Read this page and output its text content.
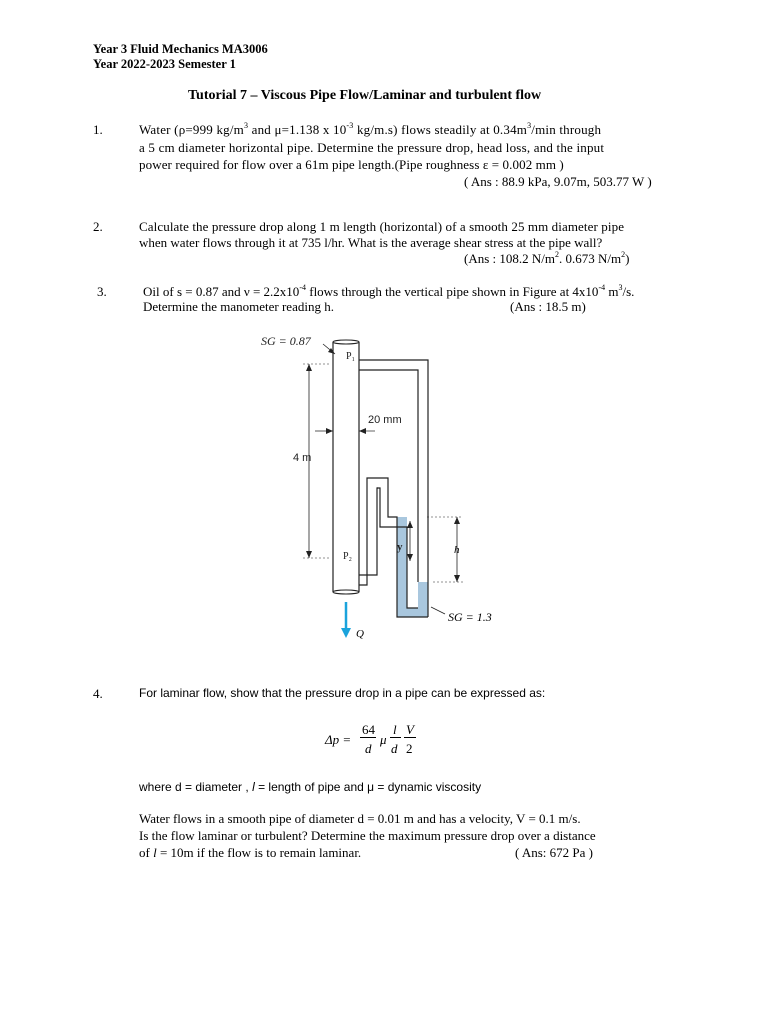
Year 3 Fluid Mechanics MA3006
Year 2022-2023 Semester 1
Tutorial 7 – Viscous Pipe Flow/Laminar and turbulent flow
1.	Water (ρ=999 $kg/m^3$ and μ=1.138 x $10^{-3}$ kg/m.s) flows steadily at $0.34m^3/\min$ through
a 5 cm diameter horizontal pipe. Determine the pressure drop, head loss, and the input
power required for flow over a 61m pipe length.(Pipe roughness ε = 0.002 mm )
( Ans : 88.9 kPa, 9.07m, 503.77 W )
2.	Calculate the pressure drop along 1 m length (horizontal) of a smooth 25 mm diameter pipe
when water flows through it at 735 l/hr. What is the average shear stress at the pipe wall?
(Ans : 108.2 $N/m^2$. 0.673 $N/m^2$)
3.	Oil of s = 0.87 and $\nu = 2.2x10^{-4}$ flows through the vertical pipe shown in Figure at $4x10^{-4}$ $m^3/s$.
Determine the manometer reading h.	(Ans : 18.5 m)
SG = 0.87
P₁
P₂
20 mm
4 m
y	h
SG = 1.3
Q
4.	For laminar flow, show that the pressure drop in a pipe can be expressed as:
Δp =
64
d
μ
l
d
V
2
where d = diameter , l = length of pipe and μ = dynamic viscosity
Water flows in a smooth pipe of diameter d = 0.01 m and has a velocity, V = 0.1 m/s.
Is the flow laminar or turbulent? Determine the maximum pressure drop over a distance
of l = 10m if the flow is to remain laminar.	( Ans: 672 Pa )
